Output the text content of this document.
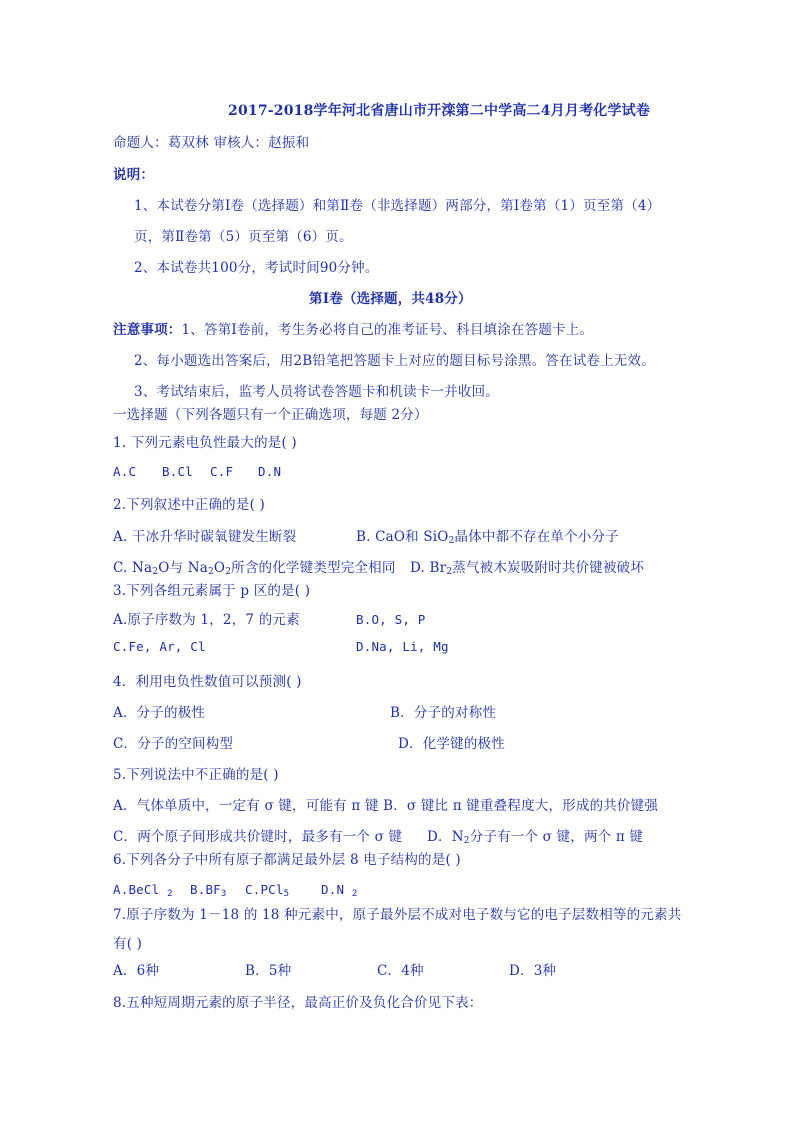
2017-2018学年河北省唐山市开滦第二中学高二4月月考化学试卷
命题人：葛双林 审核人：赵振和
说明：
1、本试卷分第Ⅰ卷（选择题）和第Ⅱ卷（非选择题）两部分，第Ⅰ卷第（1）页至第（4）
页，第Ⅱ卷第（5）页至第（6）页。
2、本试卷共100分，考试时间90分钟。
第Ⅰ卷（选择题，共48分）
注意事项：1、答第Ⅰ卷前，考生务必将自己的准考证号、科目填涂在答题卡上。
2、每小题选出答案后，用2B铅笔把答题卡上对应的题目标号涂黑。答在试卷上无效。
3、考试结束后，监考人员将试卷答题卡和机读卡一并收回。
一选择题（下列各题只有一个正确选项，每题 2分）
1. 下列元素电负性最大的是( )
A.C B.Cl C.F D.N
2.下列叙述中正确的是( )
A. 干冰升华时碳氧键发生断裂	B. CaO和 SiO$_2$晶体中都不存在单个小分子
C. $Na_2O$与 $Na_2O_2$所含的化学键类型完全相同 D. $Br_2$蒸气被木炭吸附时共价键被破坏
3.下列各组元素属于 p 区的是( )
A.原子序数为 1，2，7 的元素	B.O, S, P
C.Fe, Ar, Cl	D.Na, Li, Mg
4．利用电负性数值可以预测( )
A．分子的极性	B．分子的对称性
C．分子的空间构型	D．化学键的极性
5.下列说法中不正确的是( )
A．气体单质中，一定有 σ 键，可能有 π 键 B．σ 键比 π 键重叠程度大，形成的共价键强
C．两个原子间形成共价键时，最多有一个 σ 键 D．$N_2$分子有一个 σ 键，两个 π 键
6.下列各分子中所有原子都满足最外层 8 电子结构的是( )
A.BeCl $_2$ $B.BF_3$ C.PCl$_5$	D.N $_2$
7.原子序数为 1－18 的 18 种元素中，原子最外层不成对电子数与它的电子层数相等的元素共
有( )
A．6种	B．5种	C．4种	D．3种
8.五种短周期元素的原子半径，最高正价及负化合价见下表：
